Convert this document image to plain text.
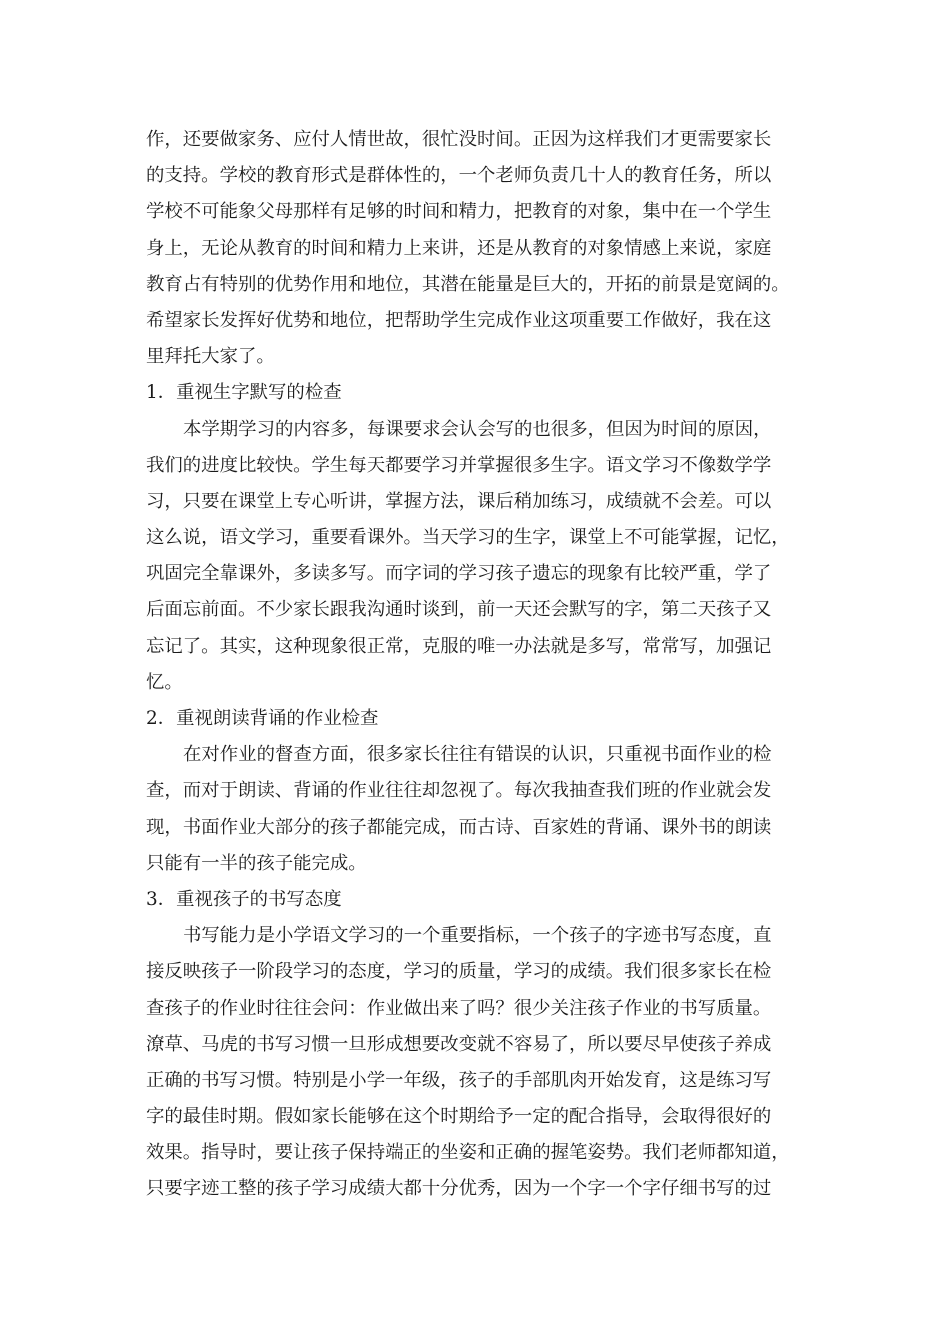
作，还要做家务、应付人情世故，很忙没时间。正因为这样我们才更需要家长
的支持。学校的教育形式是群体性的，一个老师负责几十人的教育任务，所以
学校不可能象父母那样有足够的时间和精力，把教育的对象，集中在一个学生
身上，无论从教育的时间和精力上来讲，还是从教育的对象情感上来说，家庭
教育占有特别的优势作用和地位，其潜在能量是巨大的，开拓的前景是宽阔的。
希望家长发挥好优势和地位，把帮助学生完成作业这项重要工作做好，我在这
里拜托大家了。
1．重视生字默写的检查
本学期学习的内容多，每课要求会认会写的也很多，但因为时间的原因，
我们的进度比较快。学生每天都要学习并掌握很多生字。语文学习不像数学学
习，只要在课堂上专心听讲，掌握方法，课后稍加练习，成绩就不会差。可以
这么说，语文学习，重要看课外。当天学习的生字，课堂上不可能掌握，记忆，
巩固完全靠课外，多读多写。而字词的学习孩子遗忘的现象有比较严重，学了
后面忘前面。不少家长跟我沟通时谈到，前一天还会默写的字，第二天孩子又
忘记了。其实，这种现象很正常，克服的唯一办法就是多写，常常写，加强记
忆。
2．重视朗读背诵的作业检查
在对作业的督查方面，很多家长往往有错误的认识，只重视书面作业的检
查，而对于朗读、背诵的作业往往却忽视了。每次我抽查我们班的作业就会发
现，书面作业大部分的孩子都能完成，而古诗、百家姓的背诵、课外书的朗读
只能有一半的孩子能完成。
3．重视孩子的书写态度
书写能力是小学语文学习的一个重要指标，一个孩子的字迹书写态度，直
接反映孩子一阶段学习的态度，学习的质量，学习的成绩。我们很多家长在检
查孩子的作业时往往会问：作业做出来了吗？很少关注孩子作业的书写质量。
潦草、马虎的书写习惯一旦形成想要改变就不容易了，所以要尽早使孩子养成
正确的书写习惯。特别是小学一年级，孩子的手部肌肉开始发育，这是练习写
字的最佳时期。假如家长能够在这个时期给予一定的配合指导，会取得很好的
效果。指导时，要让孩子保持端正的坐姿和正确的握笔姿势。我们老师都知道，
只要字迹工整的孩子学习成绩大都十分优秀，因为一个字一个字仔细书写的过
